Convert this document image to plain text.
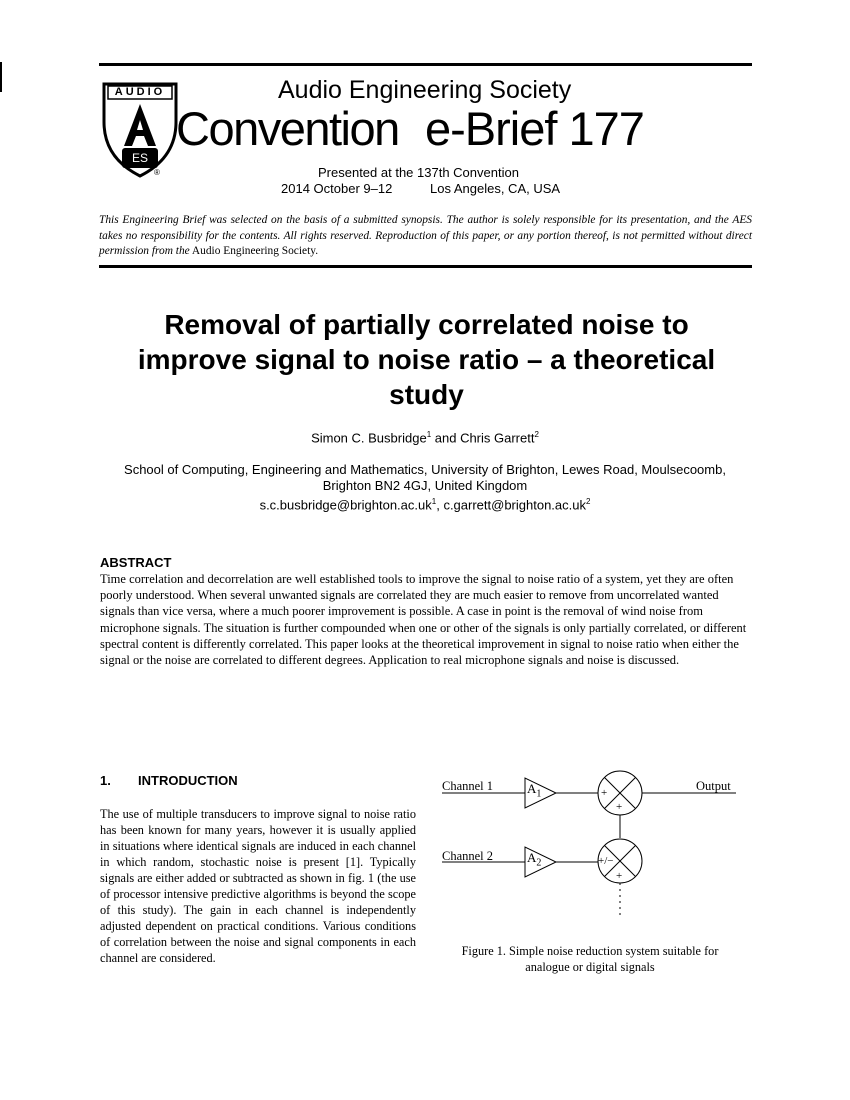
AUDIO
ES
®
Audio Engineering Society
Convention e-Brief 177
Presented at the 137th Convention
2014 October 9–12	Los Angeles, CA, USA
This Engineering Brief was selected on the basis of a submitted synopsis. The author is solely responsible for its presentation, and the AES takes no responsibility for the contents. All rights reserved. Reproduction of this paper, or any portion thereof, is not permitted without direct permission from the Audio Engineering Society.
Removal of partially correlated noise to
improve signal to noise ratio – a theoretical
study
Simon C. Busbridge$^1$ and Chris Garrett$^2$
School of Computing, Engineering and Mathematics, University of Brighton, Lewes Road, Moulsecoomb,
Brighton BN2 4GJ, United Kingdom
$s.c.busbridge@brighton.ac.uk^1$, $c.garrett@brighton.ac.uk^2$
ABSTRACT
Time correlation and decorrelation are well established tools to improve the signal to noise ratio of a system, yet they are often poorly understood. When several unwanted signals are correlated they are much easier to remove from uncorrelated wanted signals than vice versa, where a much poorer improvement is possible. A case in point is the removal of wind noise from microphone signals. The situation is further compounded when one or other of the signals is only partially correlated, or different spectral content is differently correlated. This paper looks at the theoretical improvement in signal to noise ratio when either the signal or the noise are correlated to different degrees. Application to real microphone signals and noise is discussed.
1. INTRODUCTION
The use of multiple transducers to improve signal to noise ratio has been known for many years, however it is usually applied in situations where identical signals are induced in each channel in which random, stochastic noise is present [1]. Typically signals are either added or subtracted as shown in fig. 1 (the use of processor intensive predictive algorithms is beyond the scope of this study). The gain in each channel is independently adjusted dependent on practical conditions. Various conditions of correlation between the noise and signal components in each channel are considered.
Channel 1
Channel 2
$A_1$
$A_2$
Output
+
+
+/−
+
Figure 1. Simple noise reduction system suitable for
analogue or digital signals
